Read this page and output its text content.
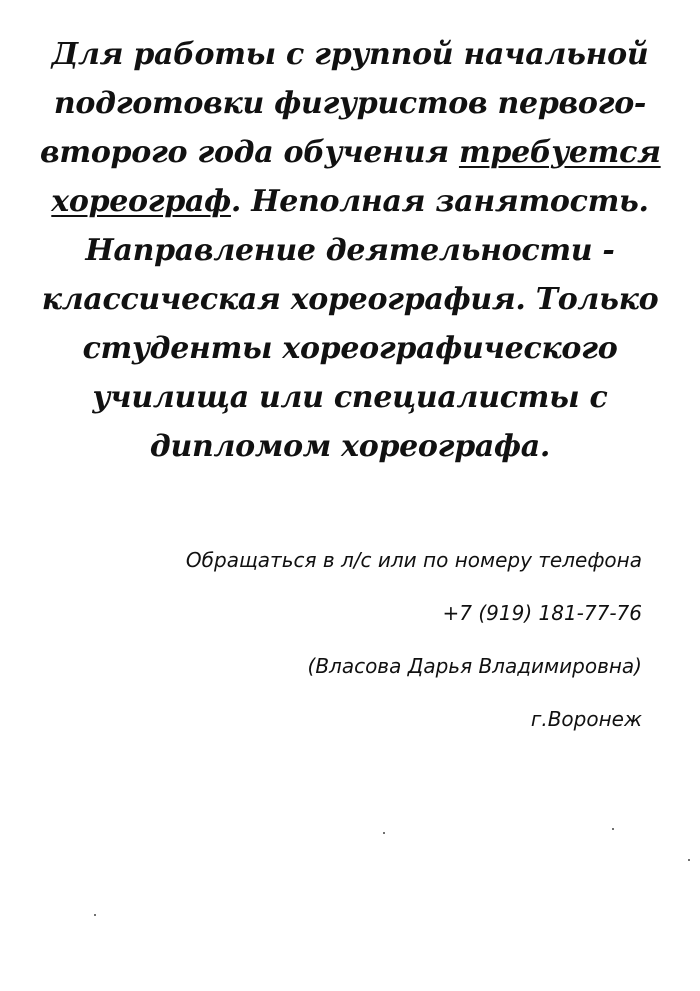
Для работы с группой начальной
подготовки фигуристов первого-
второго года обучения требуется
хореограф. Неполная занятость.
Направление деятельности -
классическая хореография. Только
студенты хореографического
училища или специалисты с
дипломом хореографа.
Обращаться в л/с или по номеру телефона
+7 (919) 181-77-76
(Власова Дарья Владимировна)
г.Воронеж
